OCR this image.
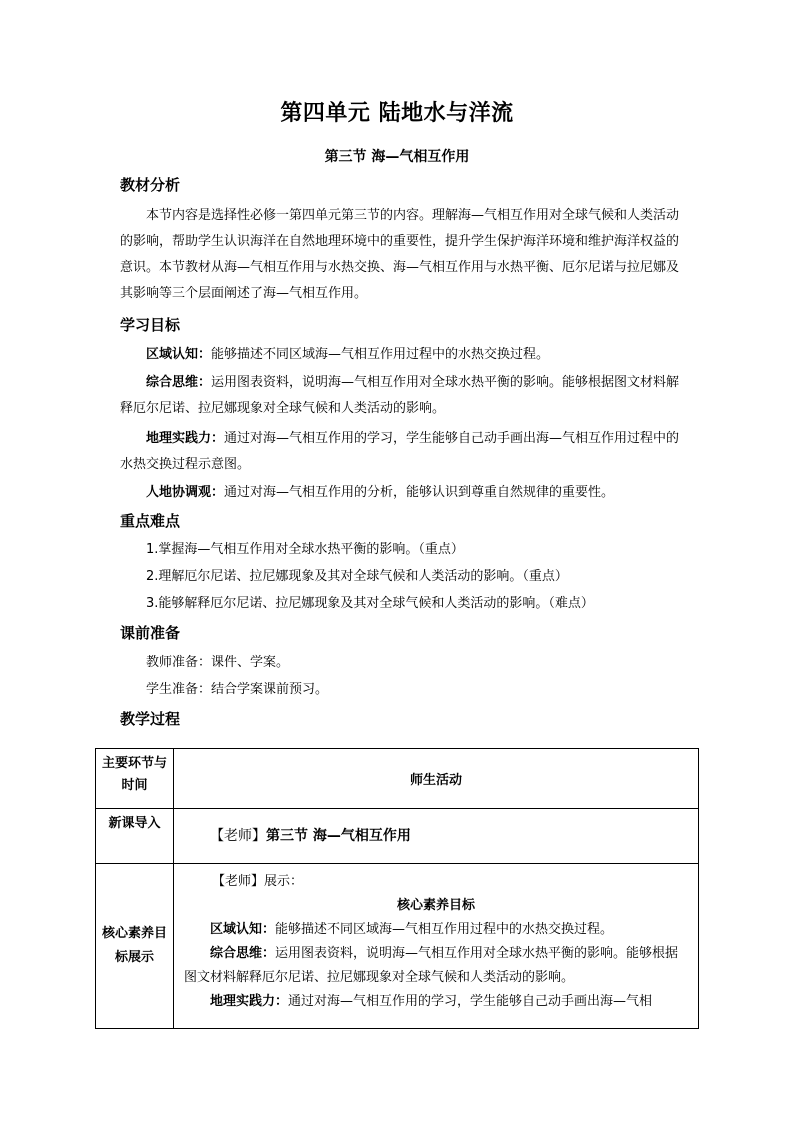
第四单元 陆地水与洋流
第三节 海—气相互作用
教材分析
本节内容是选择性必修一第四单元第三节的内容。理解海—气相互作用对全球气候和人类活动的影响，帮助学生认识海洋在自然地理环境中的重要性，提升学生保护海洋环境和维护海洋权益的意识。本节教材从海—气相互作用与水热交换、海—气相互作用与水热平衡、厄尔尼诺与拉尼娜及其影响等三个层面阐述了海—气相互作用。
学习目标
区域认知：能够描述不同区域海—气相互作用过程中的水热交换过程。
综合思维：运用图表资料，说明海—气相互作用对全球水热平衡的影响。能够根据图文材料解释厄尔尼诺、拉尼娜现象对全球气候和人类活动的影响。
地理实践力：通过对海—气相互作用的学习，学生能够自己动手画出海—气相互作用过程中的水热交换过程示意图。
人地协调观：通过对海—气相互作用的分析，能够认识到尊重自然规律的重要性。
重点难点
1.掌握海—气相互作用对全球水热平衡的影响。（重点）
2.理解厄尔尼诺、拉尼娜现象及其对全球气候和人类活动的影响。（重点）
3.能够解释厄尔尼诺、拉尼娜现象及其对全球气候和人类活动的影响。（难点）
课前准备
教师准备：课件、学案。
学生准备：结合学案课前预习。
教学过程
主要环节与时间	师生活动
新课导入	【老师】第三节 海—气相互作用
核心素养目标展示	【老师】展示：
核心素养目标
区域认知：能够描述不同区域海—气相互作用过程中的水热交换过程。
综合思维：运用图表资料，说明海—气相互作用对全球水热平衡的影响。能够根据图文材料解释厄尔尼诺、拉尼娜现象对全球气候和人类活动的影响。
地理实践力：通过对海—气相互作用的学习，学生能够自己动手画出海—气相
